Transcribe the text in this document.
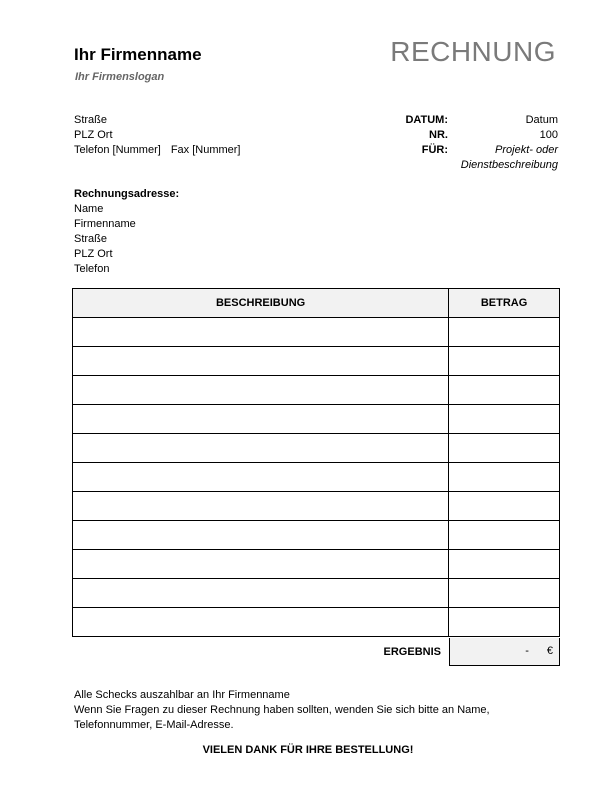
Ihr Firmenname
Ihr Firmenslogan
RECHNUNG
Straße
PLZ Ort
Telefon [Nummer] Fax [Nummer]
DATUM:	Datum
NR.	100
FÜR:	Projekt- oder
Dienstbeschreibung
Rechnungsadresse:
Name
Firmenname
Straße
PLZ Ort
Telefon
BESCHREIBUNG	BETRAG

ERGEBNIS	- €
Alle Schecks auszahlbar an Ihr Firmenname
Wenn Sie Fragen zu dieser Rechnung haben sollten, wenden Sie sich bitte an Name,
Telefonnummer, E-Mail-Adresse.
VIELEN DANK FÜR IHRE BESTELLUNG!
